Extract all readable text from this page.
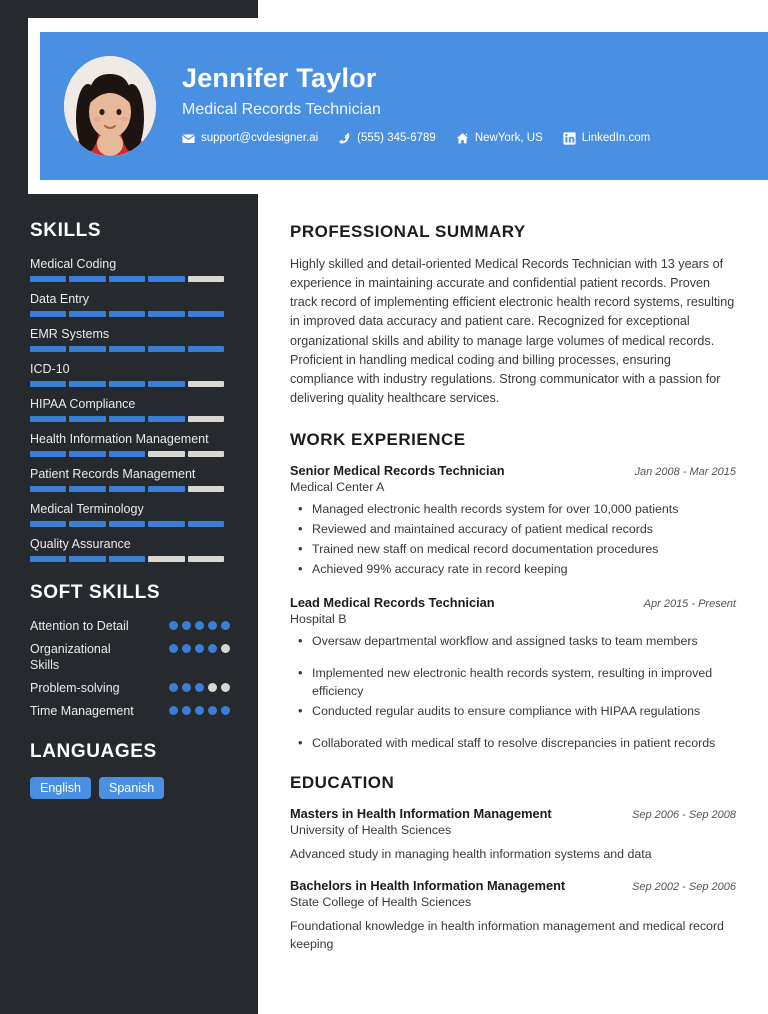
Jennifer Taylor
Medical Records Technician
support@cvdesigner.ai	(555) 345-6789	NewYork, US	LinkedIn.com
SKILLS
Medical Coding
Data Entry
EMR Systems
ICD-10
HIPAA Compliance
Health Information Management
Patient Records Management
Medical Terminology
Quality Assurance
SOFT SKILLS
Attention to Detail
Organizational Skills
Problem-solving
Time Management
LANGUAGES
English	Spanish
PROFESSIONAL SUMMARY
Highly skilled and detail-oriented Medical Records Technician with 13 years of experience in maintaining accurate and confidential patient records. Proven track record of implementing efficient electronic health record systems, resulting in improved data accuracy and patient care. Recognized for exceptional organizational skills and ability to manage large volumes of medical records. Proficient in handling medical coding and billing processes, ensuring compliance with industry regulations. Strong communicator with a passion for delivering quality healthcare services.
WORK EXPERIENCE
Senior Medical Records Technician	Jan 2008 - Mar 2015
Medical Center A
• Managed electronic health records system for over 10,000 patients
• Reviewed and maintained accuracy of patient medical records
• Trained new staff on medical record documentation procedures
• Achieved 99% accuracy rate in record keeping
Lead Medical Records Technician	Apr 2015 - Present
Hospital B
• Oversaw departmental workflow and assigned tasks to team members
• Implemented new electronic health records system, resulting in improved efficiency
• Conducted regular audits to ensure compliance with HIPAA regulations
• Collaborated with medical staff to resolve discrepancies in patient records
EDUCATION
Masters in Health Information Management	Sep 2006 - Sep 2008
University of Health Sciences
Advanced study in managing health information systems and data
Bachelors in Health Information Management	Sep 2002 - Sep 2006
State College of Health Sciences
Foundational knowledge in health information management and medical record keeping
